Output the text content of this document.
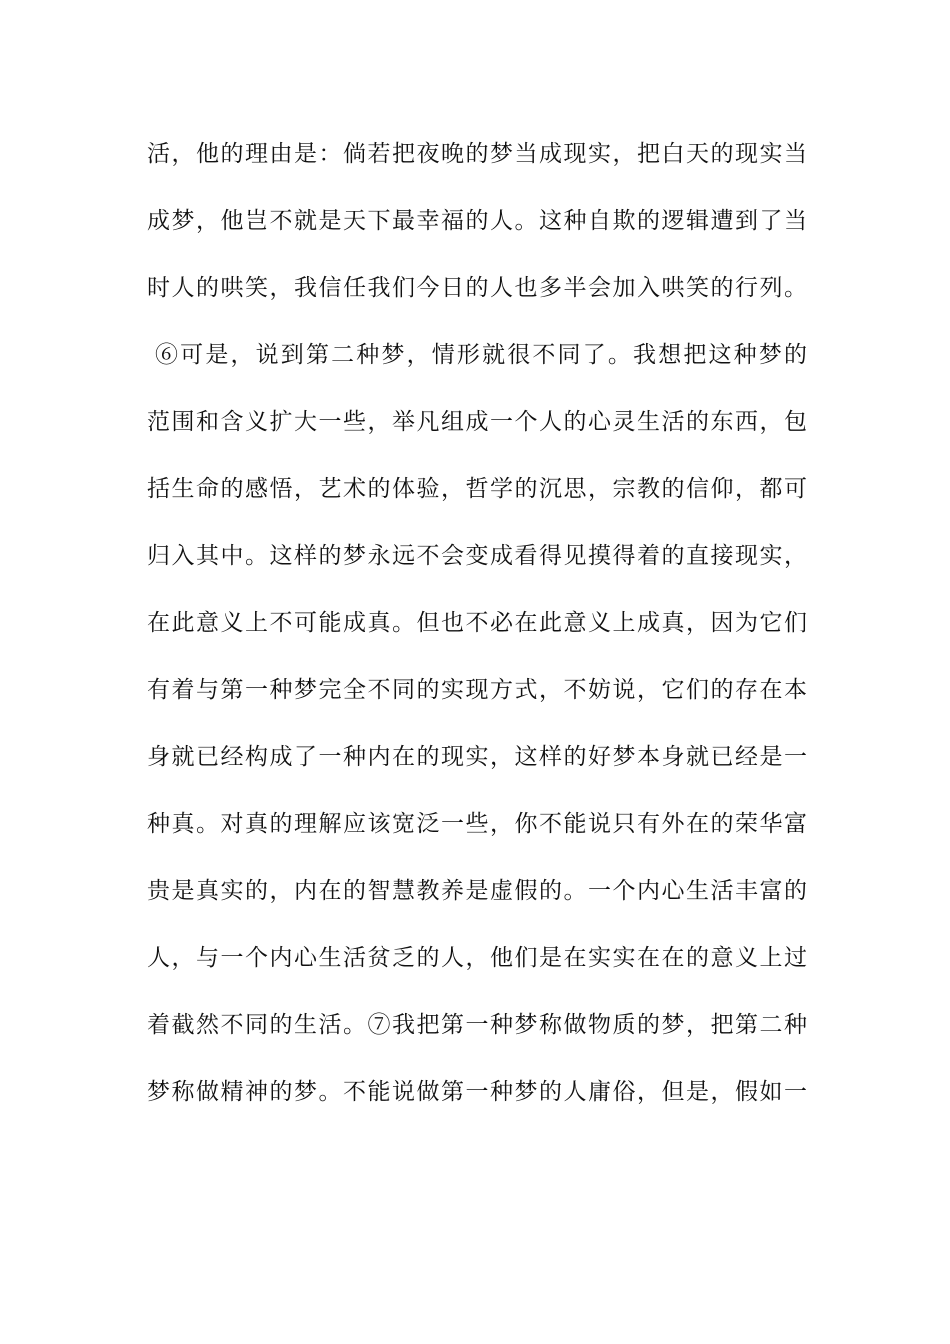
活，他的理由是：倘若把夜晚的梦当成现实，把白天的现实当
成梦，他岂不就是天下最幸福的人。这种自欺的逻辑遭到了当
时人的哄笑，我信任我们今日的人也多半会加入哄笑的行列。
⑥可是，说到第二种梦，情形就很不同了。我想把这种梦的
范围和含义扩大一些，举凡组成一个人的心灵生活的东西，包
括生命的感悟，艺术的体验，哲学的沉思，宗教的信仰，都可
归入其中。这样的梦永远不会变成看得见摸得着的直接现实，
在此意义上不可能成真。但也不必在此意义上成真，因为它们
有着与第一种梦完全不同的实现方式，不妨说，它们的存在本
身就已经构成了一种内在的现实，这样的好梦本身就已经是一
种真。对真的理解应该宽泛一些，你不能说只有外在的荣华富
贵是真实的，内在的智慧教养是虚假的。一个内心生活丰富的
人，与一个内心生活贫乏的人，他们是在实实在在的意义上过
着截然不同的生活。⑦我把第一种梦称做物质的梦，把第二种
梦称做精神的梦。不能说做第一种梦的人庸俗，但是，假如一
